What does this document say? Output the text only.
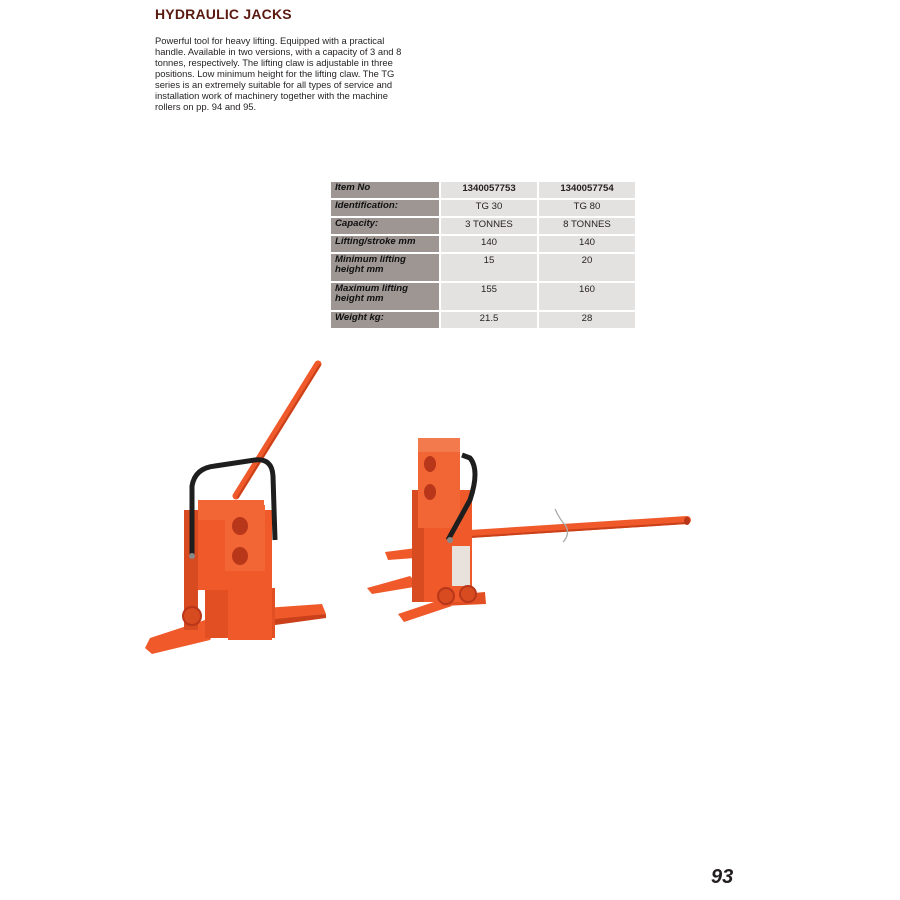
HYDRAULIC JACKS
Powerful tool for heavy lifting. Equipped with a practical handle. Available in two versions, with a capacity of 3 and 8 tonnes, respectively. The lifting claw is adjustable in three positions. Low minimum height for the lifting claw. The TG series is an extremely suitable for all types of service and installation work of machinery together with the machine rollers on pp. 94 and 95.
Item No	1340057753	1340057754
Identification:	TG 30	TG 80
Capacity:	3 TONNES	8 TONNES
Lifting/stroke mm	140	140
Minimum lifting height mm	15	20
Maximum lifting height mm	155	160
Weight kg:	21.5	28
93
